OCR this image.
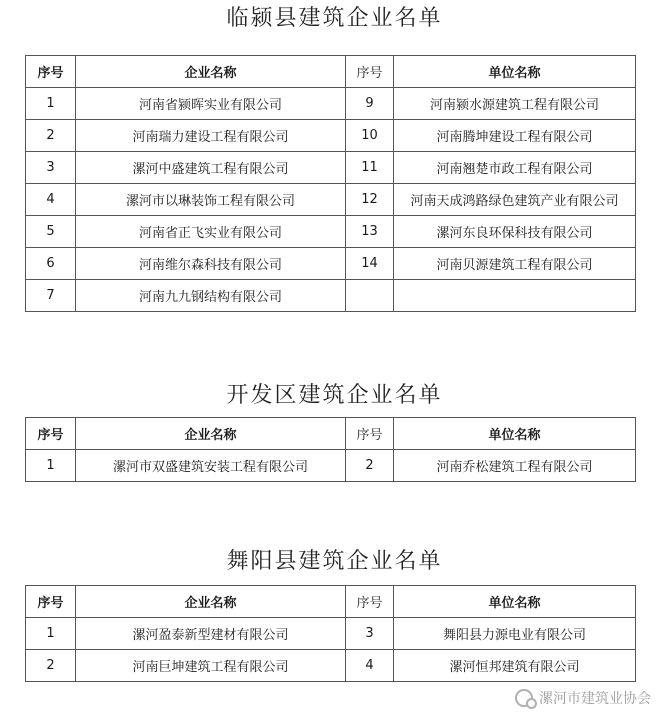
临颍县建筑企业名单
序号	企业名称	序号	单位名称
1	河南省颍晖实业有限公司	9	河南颍水源建筑工程有限公司
2	河南瑞力建设工程有限公司	10	河南腾坤建设工程有限公司
3	漯河中盛建筑工程有限公司	11	河南翘楚市政工程有限公司
4	漯河市以琳装饰工程有限公司	12	河南天成鸿路绿色建筑产业有限公司
5	河南省正飞实业有限公司	13	漯河东良环保科技有限公司
6	河南维尔森科技有限公司	14	河南贝源建筑工程有限公司
7	河南九九钢结构有限公司		
开发区建筑企业名单
序号	企业名称	序号	单位名称
1	漯河市双盛建筑安装工程有限公司	2	河南乔松建筑工程有限公司
舞阳县建筑企业名单
序号	企业名称	序号	单位名称
1	漯河盈泰新型建材有限公司	3	舞阳县力源电业有限公司
2	河南巨坤建筑工程有限公司	4	漯河恒邦建筑有限公司
漯河市建筑业协会
